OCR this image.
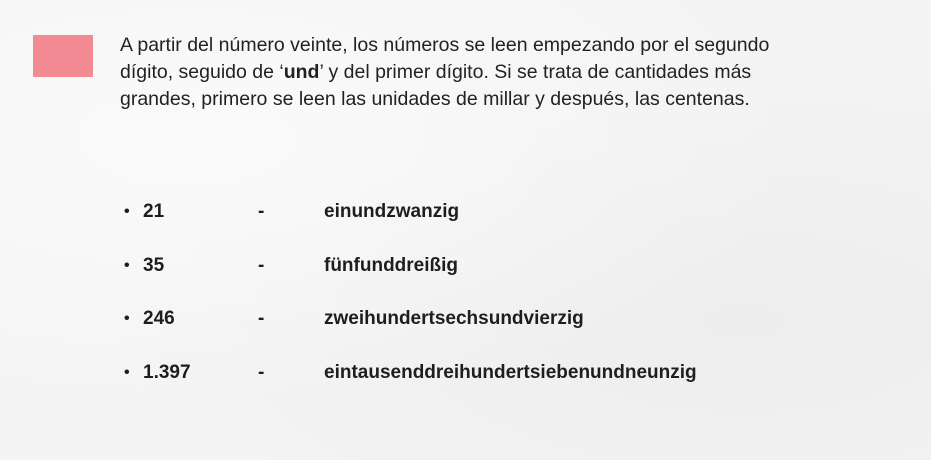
A partir del número veinte, los números se leen empezando por el segundo dígito, seguido de ‘und’ y del primer dígito. Si se trata de cantidades más grandes, primero se leen las unidades de millar y después, las centenas.

• 21	-	einundzwanzig
• 35	-	fünfunddreißig
• 246	-	zweihundertsechsundvierzig
• 1.397	-	eintausenddreihundertsiebenundneunzig
